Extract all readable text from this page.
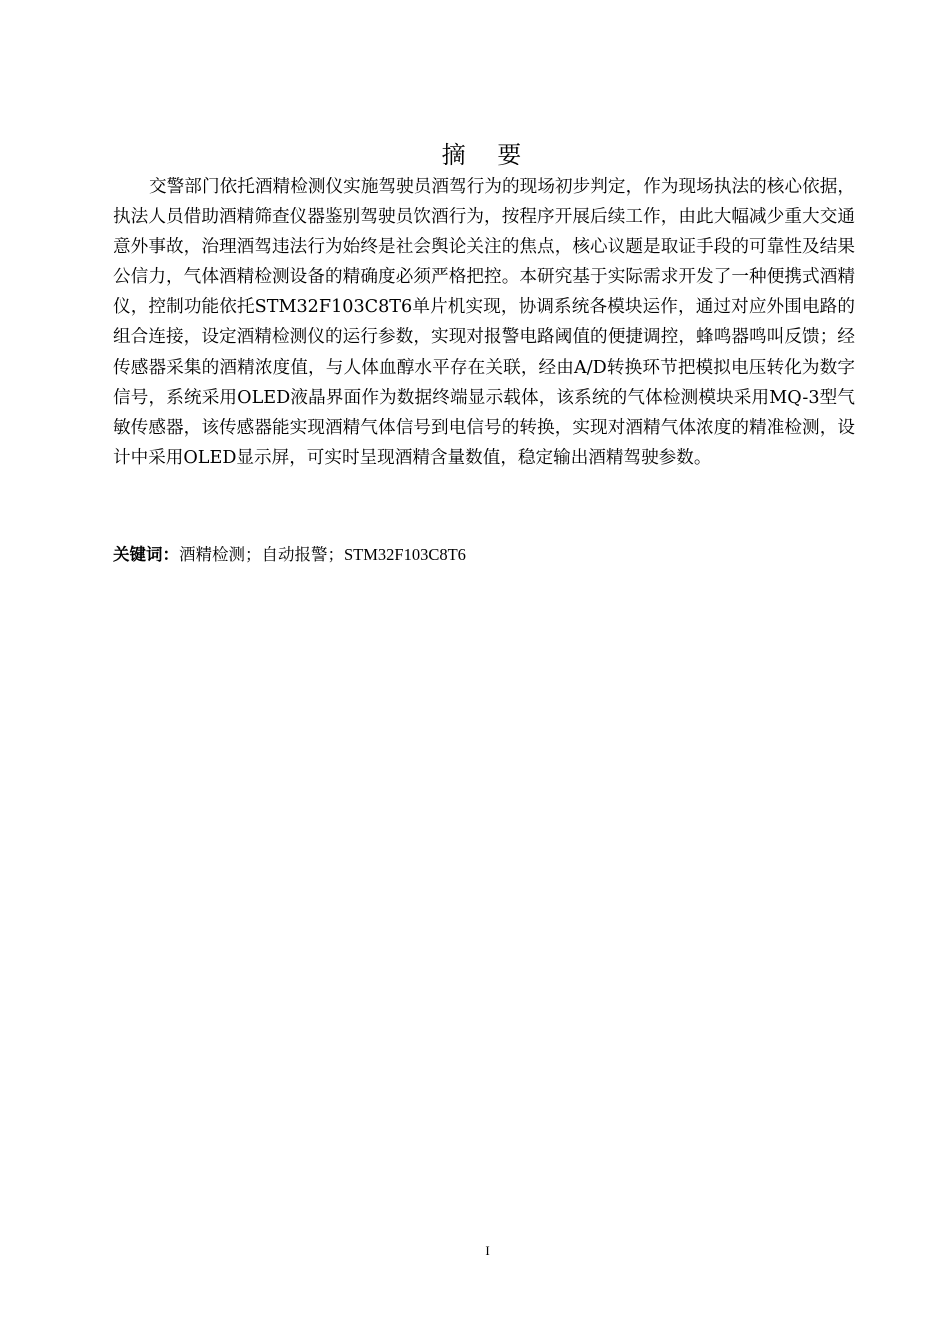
摘 要

交警部门依托酒精检测仪实施驾驶员酒驾行为的现场初步判定，作为现场执法的核心依据，执法人员借助酒精筛查仪器鉴别驾驶员饮酒行为，按程序开展后续工作，由此大幅减少重大交通意外事故，治理酒驾违法行为始终是社会舆论关注的焦点，核心议题是取证手段的可靠性及结果公信力，气体酒精检测设备的精确度必须严格把控。本研究基于实际需求开发了一种便携式酒精仪，控制功能依托STM32F103C8T6单片机实现，协调系统各模块运作，通过对应外围电路的组合连接，设定酒精检测仪的运行参数，实现对报警电路阈值的便捷调控，蜂鸣器鸣叫反馈；经传感器采集的酒精浓度值，与人体血醇水平存在关联，经由A/D转换环节把模拟电压转化为数字信号，系统采用OLED液晶界面作为数据终端显示载体，该系统的气体检测模块采用MQ-3型气敏传感器，该传感器能实现酒精气体信号到电信号的转换，实现对酒精气体浓度的精准检测，设计中采用OLED显示屏，可实时呈现酒精含量数值，稳定输出酒精驾驶参数。

关键词：酒精检测；自动报警；STM32F103C8T6
I
